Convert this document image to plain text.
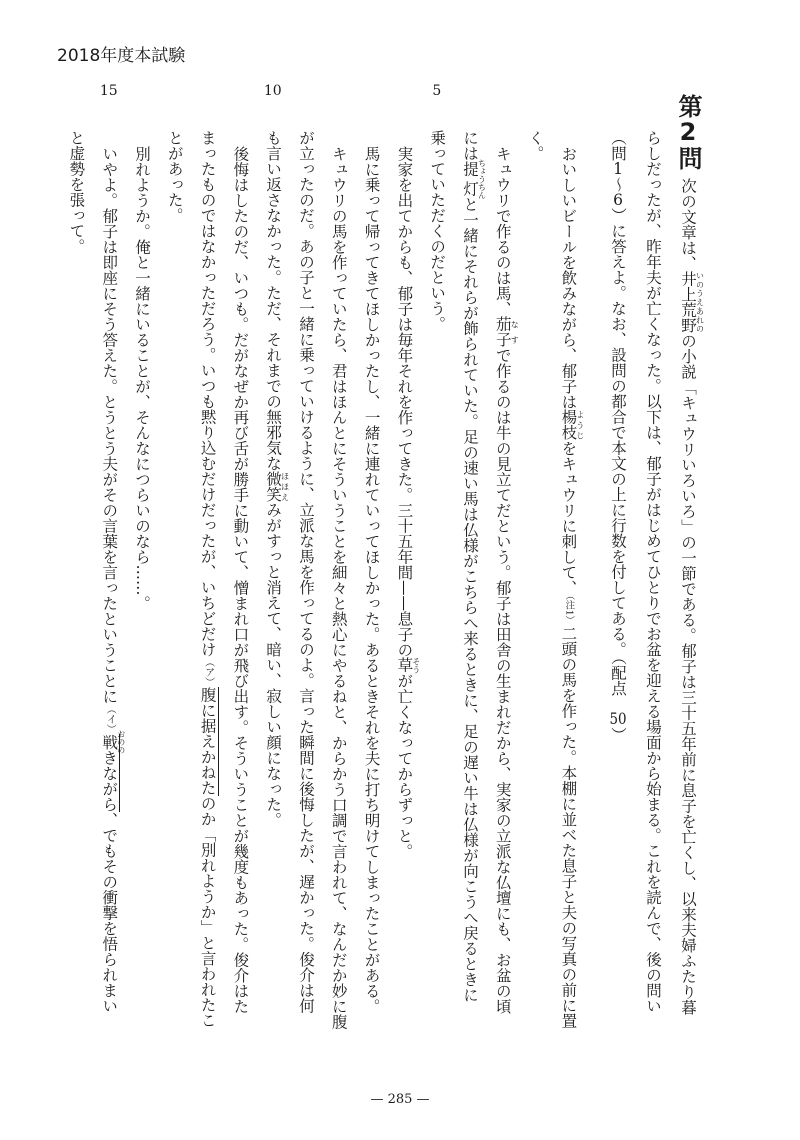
2018年度本試験
第2問
5
10
15
次の文章は、井上荒野いのうえあれのの小説「キュウリいろいろ」の一節である。郁子は三十五年前に息子を亡くし、以来夫婦ふたり暮
らしだったが、昨年夫が亡くなった。以下は、郁子がはじめてひとりでお盆を迎える場面から始まる。これを読んで、後の問い
（問1〜6）に答えよ。なお、設問の都合で本文の上に行数を付してある。（配点　50）
おいしいビールを飲みながら、郁子は楊枝ようじをキュウリに刺して、（注1）二頭の馬を作った。本棚に並べた息子と夫の写真の前に置
く。
キュウリで作るのは馬、茄子なすで作るのは牛の見立てだという。郁子は田舎の生まれだから、実家の立派な仏壇にも、お盆の頃
には提灯ちょうちんと一緒にそれらが飾られていた。足の速い馬は仏様がこちらへ来るときに、足の遅い牛は仏様が向こうへ戻るときに
乗っていただくのだという。
実家を出てからも、郁子は毎年それを作ってきた。三十五年間——息子の草そうが亡くなってからずっと。
馬に乗って帰ってきてほしかったし、一緒に連れていってほしかった。あるときそれを夫に打ち明けてしまったことがある。
キュウリの馬を作っていたら、君はほんとにそういうことを細々と熱心にやるねと、からかう口調で言われて、なんだか妙に腹
が立ったのだ。あの子と一緒に乗っていけるように、立派な馬を作ってるのよ。言った瞬間に後悔したが、遅かった。俊介は何
も言い返さなかった。ただ、それまでの無邪気な微笑ほほえみがすっと消えて、暗い、寂しい顔になった。
後悔はしたのだ、いつも。だがなぜか再び舌が勝手に動いて、憎まれ口が飛び出す。そういうことが幾度もあった。俊介はた
まったものではなかっただろう。いつも黙り込むだけだったが、いちどだけ（ア）腹に据えかねたのか「別れようか」と言われたこ
とがあった。
別れようか。俺と一緒にいることが、そんなにつらいのなら……。
いやよ。郁子は即座にそう答えた。とうとう夫がその言葉を言ったということに（イ）戦おののきながら、でもその衝撃を悟られまい
と虚勢を張って。
— 285 —
